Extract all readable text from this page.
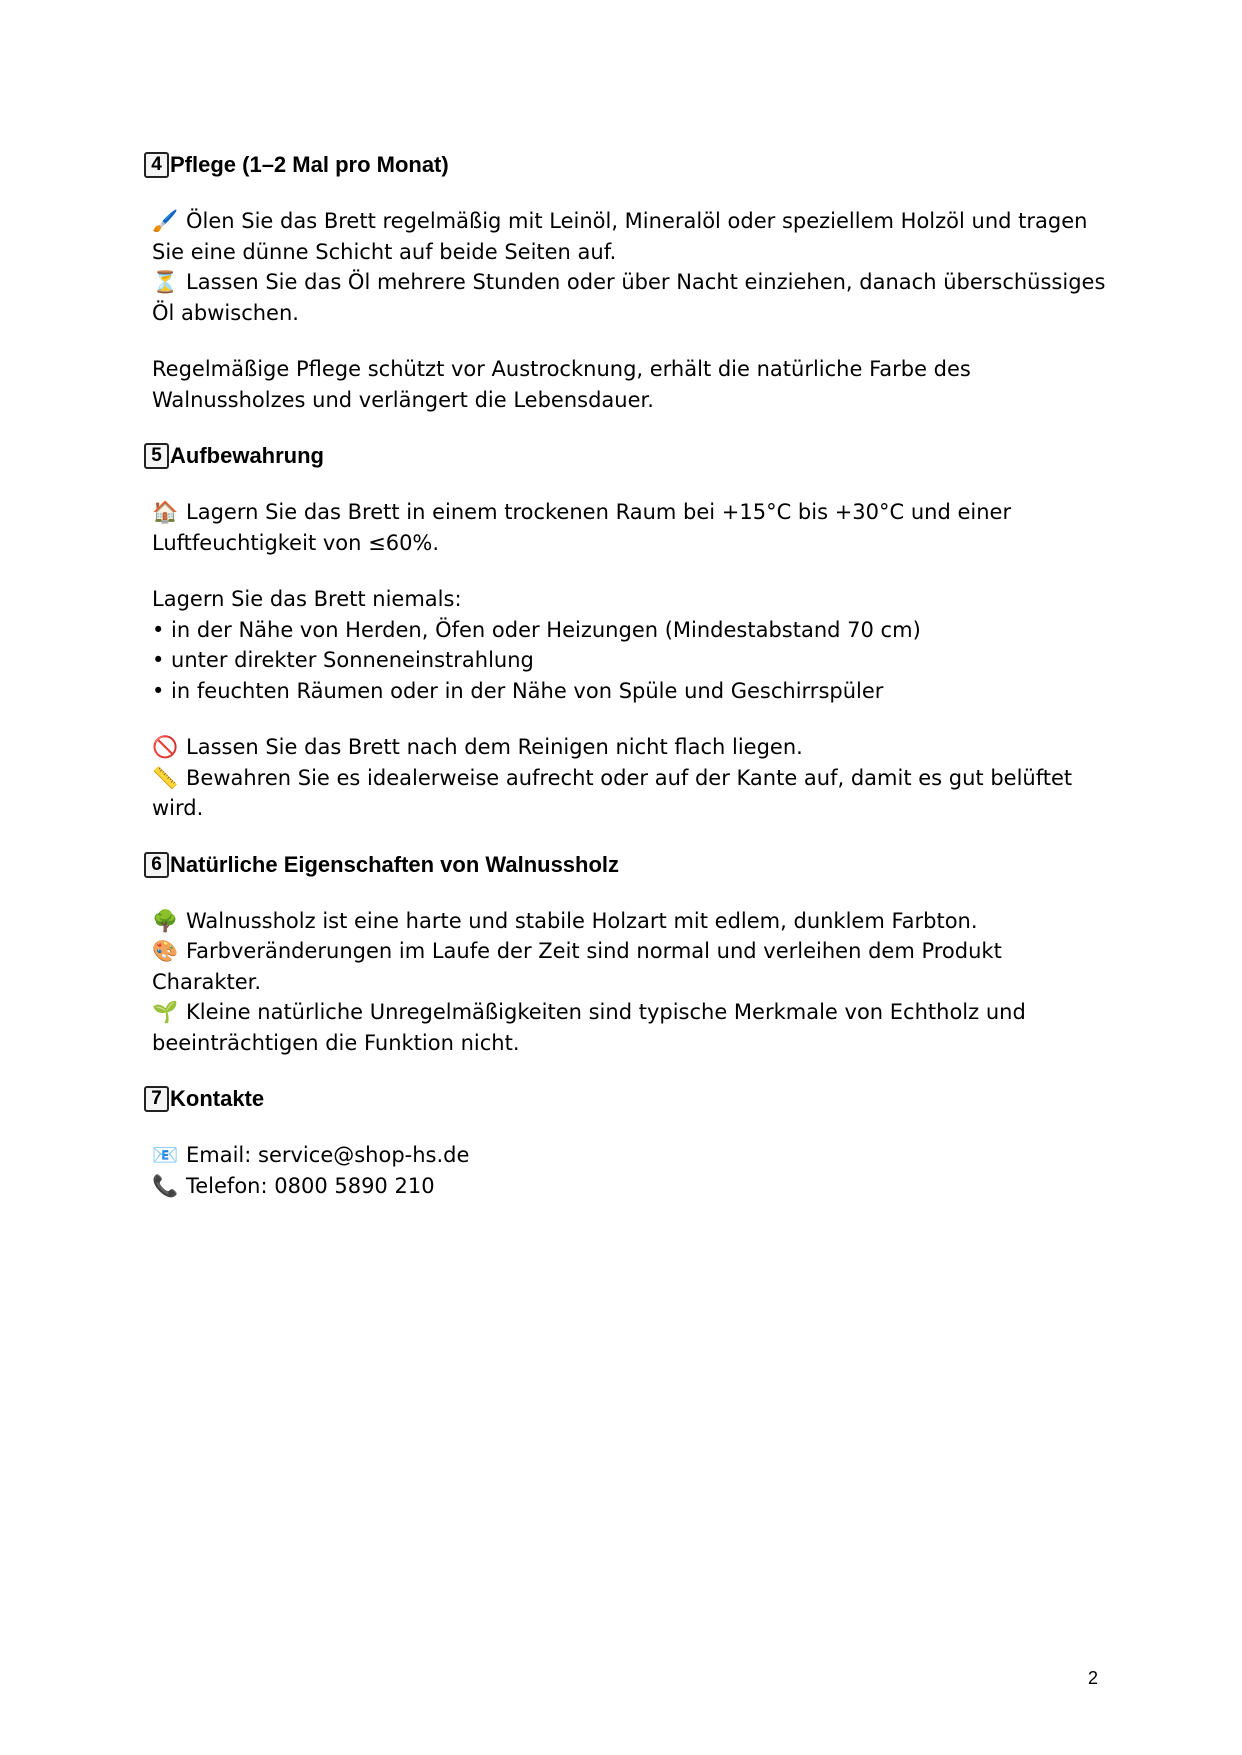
4 Pflege (1–2 Mal pro Monat)
🖌️ Ölen Sie das Brett regelmäßig mit Leinöl, Mineralöl oder speziellem Holzöl und tragen Sie eine dünne Schicht auf beide Seiten auf.
⏳ Lassen Sie das Öl mehrere Stunden oder über Nacht einziehen, danach überschüssiges Öl abwischen.
Regelmäßige Pflege schützt vor Austrocknung, erhält die natürliche Farbe des Walnussholzes und verlängert die Lebensdauer.
5 Aufbewahrung
🏠 Lagern Sie das Brett in einem trockenen Raum bei +15°C bis +30°C und einer Luftfeuchtigkeit von ≤60%.
Lagern Sie das Brett niemals:
• in der Nähe von Herden, Öfen oder Heizungen (Mindestabstand 70 cm)
• unter direkter Sonneneinstrahlung
• in feuchten Räumen oder in der Nähe von Spüle und Geschirrspüler
🚫 Lassen Sie das Brett nach dem Reinigen nicht flach liegen.
📏 Bewahren Sie es idealerweise aufrecht oder auf der Kante auf, damit es gut belüftet wird.
6 Natürliche Eigenschaften von Walnussholz
🌳 Walnussholz ist eine harte und stabile Holzart mit edlem, dunklem Farbton.
🎨 Farbveränderungen im Laufe der Zeit sind normal und verleihen dem Produkt Charakter.
🌱 Kleine natürliche Unregelmäßigkeiten sind typische Merkmale von Echtholz und beeinträchtigen die Funktion nicht.
7 Kontakte
📧 Email: service@shop-hs.de
📞 Telefon: 0800 5890 210
2
